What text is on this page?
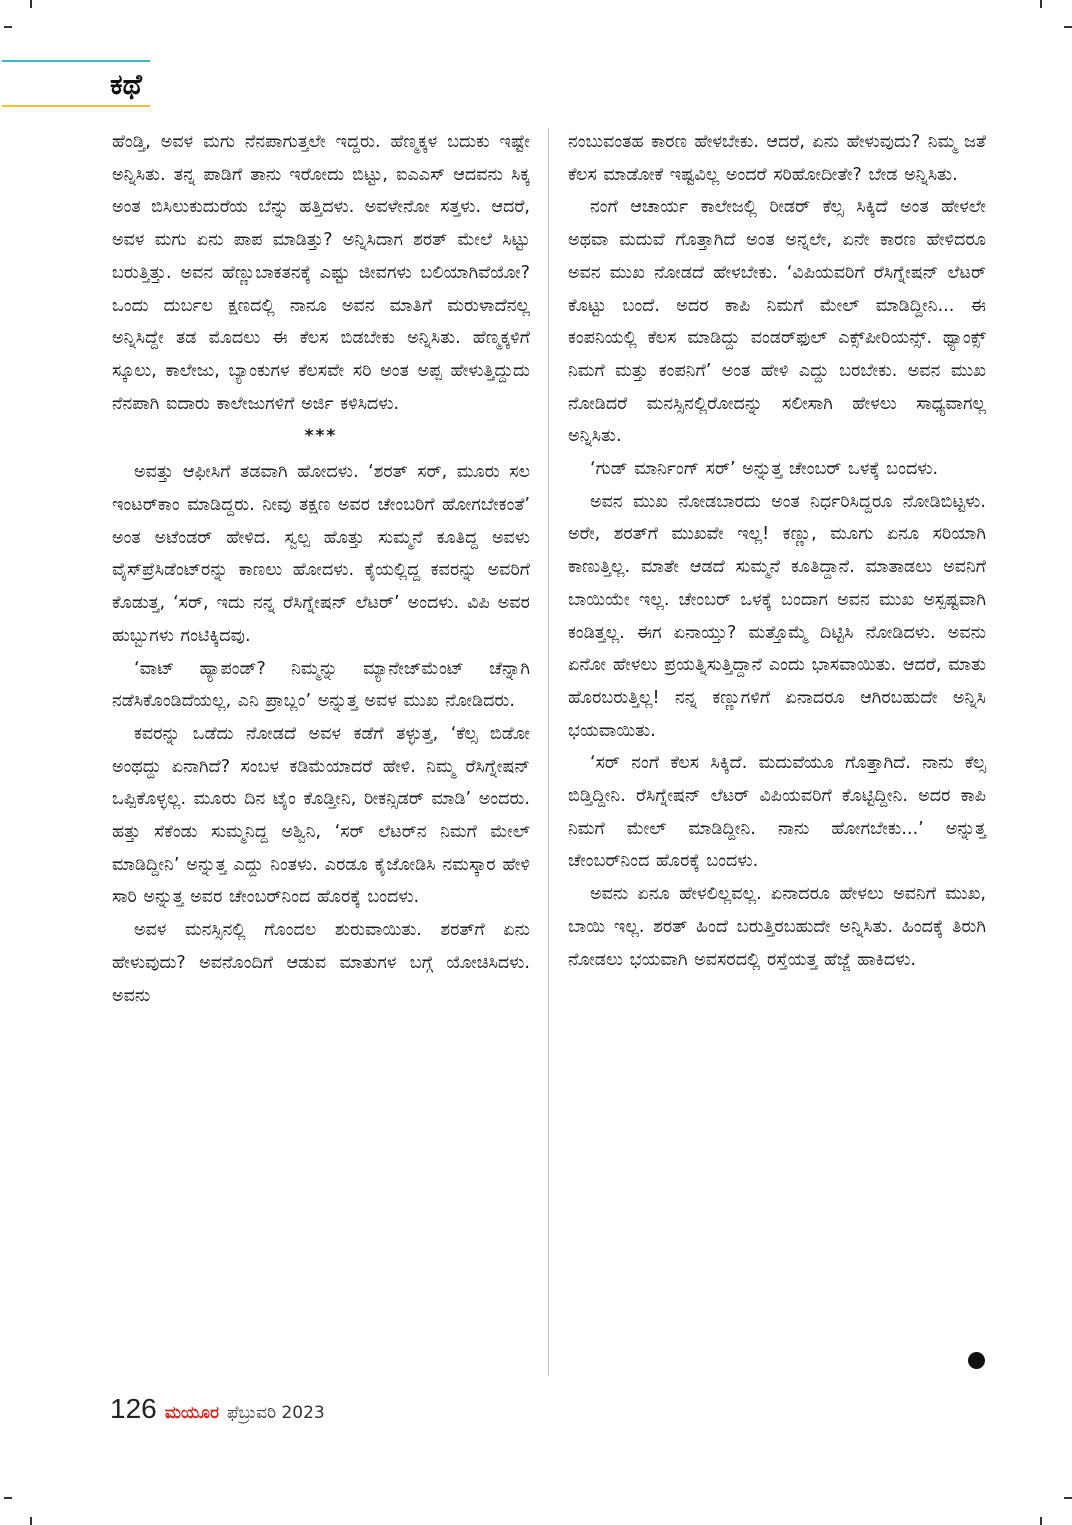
ಕಥೆ

ಹೆಂಡ್ತಿ, ಅವಳ ಮಗು ನೆನಪಾಗುತ್ತಲೇ ಇದ್ದರು. ಹೆಣ್ಮಕ್ಕಳ ಬದುಕು ಇಷ್ಟೇ ಅನ್ನಿಸಿತು. ತನ್ನ ಪಾಡಿಗೆ ತಾನು ಇರೋದು ಬಿಟ್ಟು, ಐಎಎಸ್ ಆದವನು ಸಿಕ್ಕ ಅಂತ ಬಿಸಿಲುಕುದುರೆಯ ಬೆನ್ನು ಹತ್ತಿದಳು. ಅವಳೇನೋ ಸತ್ತಳು. ಆದರೆ, ಅವಳ ಮಗು ಏನು ಪಾಪ ಮಾಡಿತ್ತು? ಅನ್ನಿಸಿದಾಗ ಶರತ್ ಮೇಲೆ ಸಿಟ್ಟು ಬರುತ್ತಿತ್ತು. ಅವನ ಹೆಣ್ಣುಬಾಕತನಕ್ಕೆ ಎಷ್ಟು ಜೀವಗಳು ಬಲಿಯಾಗಿವೆಯೋ? ಒಂದು ದುರ್ಬಲ ಕ್ಷಣದಲ್ಲಿ ನಾನೂ ಅವನ ಮಾತಿಗೆ ಮರುಳಾದೆನಲ್ಲ ಅನ್ನಿಸಿದ್ದೇ ತಡ ಮೊದಲು ಈ ಕೆಲಸ ಬಿಡಬೇಕು ಅನ್ನಿಸಿತು. ಹೆಣ್ಮಕ್ಕಳಿಗೆ ಸ್ಕೂಲು, ಕಾಲೇಜು, ಬ್ಯಾಂಕುಗಳ ಕೆಲಸವೇ ಸರಿ ಅಂತ ಅಪ್ಪ ಹೇಳುತ್ತಿದ್ದುದು ನೆನಪಾಗಿ ಐದಾರು ಕಾಲೇಜುಗಳಿಗೆ ಅರ್ಜಿ ಕಳಿಸಿದಳು.

***

ಅವತ್ತು ಆಫೀಸಿಗೆ ತಡವಾಗಿ ಹೋದಳು. ‘ಶರತ್ ಸರ್, ಮೂರು ಸಲ ಇಂಟರ್‌ಕಾಂ ಮಾಡಿದ್ದರು. ನೀವು ತಕ್ಷಣ ಅವರ ಚೇಂಬರಿಗೆ ಹೋಗಬೇಕಂತೆ’ ಅಂತ ಅಟೆಂಡರ್ ಹೇಳಿದ. ಸ್ವಲ್ಪ ಹೊತ್ತು ಸುಮ್ಮನೆ ಕೂತಿದ್ದ ಅವಳು ವೈಸ್‌ಪ್ರೆಸಿಡೆಂಟ್‌ರನ್ನು ಕಾಣಲು ಹೋದಳು. ಕೈಯಲ್ಲಿದ್ದ ಕವರನ್ನು ಅವರಿಗೆ ಕೊಡುತ್ತ, ‘ಸರ್, ಇದು ನನ್ನ ರೆಸಿಗ್ನೇಷನ್ ಲೆಟರ್’ ಅಂದಳು. ವಿಪಿ ಅವರ ಹುಬ್ಬುಗಳು ಗಂಟಿಕ್ಕಿದವು.

‘ವಾಟ್ ಹ್ಯಾಪಂಡ್? ನಿಮ್ಮನ್ನು ಮ್ಯಾನೇಜ್‌ಮೆಂಟ್ ಚೆನ್ನಾಗಿ ನಡೆಸಿಕೊಂಡಿದೆಯಲ್ಲ, ಎನಿ ಪ್ರಾಬ್ಲಂ’ ಅನ್ನುತ್ತ ಅವಳ ಮುಖ ನೋಡಿದರು.

ಕವರನ್ನು ಒಡೆದು ನೋಡದೆ ಅವಳ ಕಡೆಗೆ ತಳ್ಳುತ್ತ, ‘ಕೆಲ್ಸ ಬಿಡೋ ಅಂಥದ್ದು ಏನಾಗಿದೆ? ಸಂಬಳ ಕಡಿಮೆಯಾದರೆ ಹೇಳಿ. ನಿಮ್ಮ ರೆಸಿಗ್ನೇಷನ್ ಒಪ್ಪಿಕೊಳ್ಳಲ್ಲ. ಮೂರು ದಿನ ಟೈಂ ಕೊಡ್ತೀನಿ, ರೀಕನ್ಸಿಡರ್ ಮಾಡಿ’ ಅಂದರು. ಹತ್ತು ಸೆಕೆಂಡು ಸುಮ್ಮನಿದ್ದ ಅಶ್ವಿನಿ, ‘ಸರ್ ಲೆಟರ್‌ನ ನಿಮಗೆ ಮೇಲ್ ಮಾಡಿದ್ದೀನಿ’ ಅನ್ನುತ್ತ ಎದ್ದು ನಿಂತಳು. ಎರಡೂ ಕೈಜೋಡಿಸಿ ನಮಸ್ಕಾರ ಹೇಳಿ ಸಾರಿ ಅನ್ನುತ್ತ ಅವರ ಚೇಂಬರ್‌ನಿಂದ ಹೊರಕ್ಕೆ ಬಂದಳು.

ಅವಳ ಮನಸ್ಸಿನಲ್ಲಿ ಗೊಂದಲ ಶುರುವಾಯಿತು. ಶರತ್‌ಗೆ ಏನು ಹೇಳುವುದು? ಅವನೊಂದಿಗೆ ಆಡುವ ಮಾತುಗಳ ಬಗ್ಗೆ ಯೋಚಿಸಿದಳು. ಅವನು

ನಂಬುವಂತಹ ಕಾರಣ ಹೇಳಬೇಕು. ಆದರೆ, ಏನು ಹೇಳುವುದು? ನಿಮ್ಮ ಜತೆ ಕೆಲಸ ಮಾಡೋಕೆ ಇಷ್ಟವಿಲ್ಲ ಅಂದರೆ ಸರಿಹೋದೀತೇ? ಬೇಡ ಅನ್ನಿಸಿತು.

ನಂಗೆ ಆಚಾರ್ಯ ಕಾಲೇಜಲ್ಲಿ ರೀಡರ್ ಕೆಲ್ಸ ಸಿಕ್ಕಿದೆ ಅಂತ ಹೇಳಲೇ ಅಥವಾ ಮದುವೆ ಗೊತ್ತಾಗಿದೆ ಅಂತ ಅನ್ನಲೇ, ಏನೇ ಕಾರಣ ಹೇಳಿದರೂ ಅವನ ಮುಖ ನೋಡದೆ ಹೇಳಬೇಕು. ‘ವಿಪಿಯವರಿಗೆ ರೆಸಿಗ್ನೇಷನ್ ಲೆಟರ್ ಕೊಟ್ಟು ಬಂದೆ. ಅದರ ಕಾಪಿ ನಿಮಗೆ ಮೇಲ್ ಮಾಡಿದ್ದೀನಿ... ಈ ಕಂಪನಿಯಲ್ಲಿ ಕೆಲಸ ಮಾಡಿದ್ದು ವಂಡರ್‌ಫುಲ್ ಎಕ್ಸ್‌ಪೀರಿಯನ್ಸ್. ಥ್ಯಾಂಕ್ಸ್ ನಿಮಗೆ ಮತ್ತು ಕಂಪನಿಗೆ’ ಅಂತ ಹೇಳಿ ಎದ್ದು ಬರಬೇಕು. ಅವನ ಮುಖ ನೋಡಿದರೆ ಮನಸ್ಸಿನಲ್ಲಿರೋದನ್ನು ಸಲೀಸಾಗಿ ಹೇಳಲು ಸಾಧ್ಯವಾಗಲ್ಲ ಅನ್ನಿಸಿತು.

‘ಗುಡ್ ಮಾರ್ನಿಂಗ್ ಸರ್’ ಅನ್ನುತ್ತ ಚೇಂಬರ್ ಒಳಕ್ಕೆ ಬಂದಳು.

ಅವನ ಮುಖ ನೋಡಬಾರದು ಅಂತ ನಿರ್ಧರಿಸಿದ್ದರೂ ನೋಡಿಬಿಟ್ಟಳು. ಅರೇ, ಶರತ್‌ಗೆ ಮುಖವೇ ಇಲ್ಲ! ಕಣ್ಣು, ಮೂಗು ಏನೂ ಸರಿಯಾಗಿ ಕಾಣುತ್ತಿಲ್ಲ. ಮಾತೇ ಆಡದೆ ಸುಮ್ಮನೆ ಕೂತಿದ್ದಾನೆ. ಮಾತಾಡಲು ಅವನಿಗೆ ಬಾಯಿಯೇ ಇಲ್ಲ. ಚೇಂಬರ್ ಒಳಕ್ಕೆ ಬಂದಾಗ ಅವನ ಮುಖ ಅಸ್ಪಷ್ಟವಾಗಿ ಕಂಡಿತ್ತಲ್ಲ. ಈಗ ಏನಾಯ್ತು? ಮತ್ತೊಮ್ಮೆ ದಿಟ್ಟಿಸಿ ನೋಡಿದಳು. ಅವನು ಏನೋ ಹೇಳಲು ಪ್ರಯತ್ನಿಸುತ್ತಿದ್ದಾನೆ ಎಂದು ಭಾಸವಾಯಿತು. ಆದರೆ, ಮಾತು ಹೊರಬರುತ್ತಿಲ್ಲ! ನನ್ನ ಕಣ್ಣುಗಳಿಗೆ ಏನಾದರೂ ಆಗಿರಬಹುದೇ ಅನ್ನಿಸಿ ಭಯವಾಯಿತು.

‘ಸರ್ ನಂಗೆ ಕೆಲಸ ಸಿಕ್ಕಿದೆ. ಮದುವೆಯೂ ಗೊತ್ತಾಗಿದೆ. ನಾನು ಕೆಲ್ಸ ಬಿಡ್ತಿದ್ದೀನಿ. ರೆಸಿಗ್ನೇಷನ್ ಲೆಟರ್ ವಿಪಿಯವರಿಗೆ ಕೊಟ್ಟಿದ್ದೀನಿ. ಅದರ ಕಾಪಿ ನಿಮಗೆ ಮೇಲ್ ಮಾಡಿದ್ದೀನಿ. ನಾನು ಹೋಗಬೇಕು...’ ಅನ್ನುತ್ತ ಚೇಂಬರ್‌ನಿಂದ ಹೊರಕ್ಕೆ ಬಂದಳು.

ಅವನು ಏನೂ ಹೇಳಲಿಲ್ಲವಲ್ಲ. ಏನಾದರೂ ಹೇಳಲು ಅವನಿಗೆ ಮುಖ, ಬಾಯಿ ಇಲ್ಲ. ಶರತ್ ಹಿಂದೆ ಬರುತ್ತಿರಬಹುದೇ ಅನ್ನಿಸಿತು. ಹಿಂದಕ್ಕೆ ತಿರುಗಿ ನೋಡಲು ಭಯವಾಗಿ ಅವಸರದಲ್ಲಿ ರಸ್ತೆಯತ್ತ ಹೆಜ್ಜೆ ಹಾಕಿದಳು.

126 ಮಯೂರ ಫೆಬ್ರುವರಿ 2023
